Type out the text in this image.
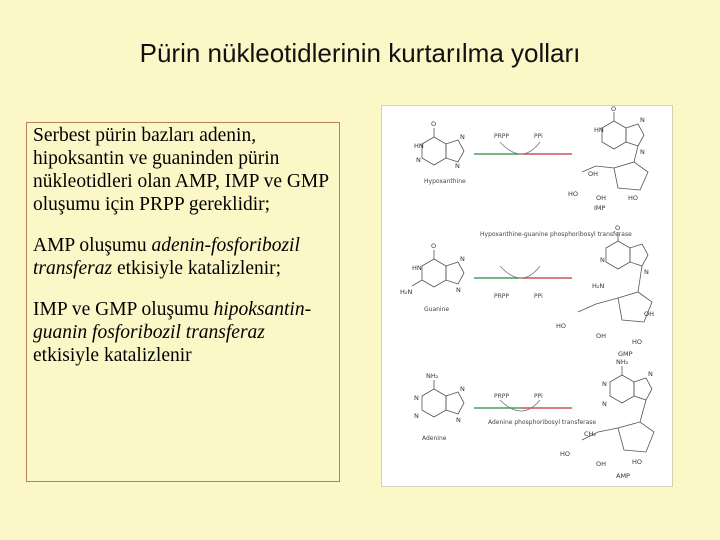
Pürin nükleotidlerinin kurtarılma yolları

Serbest pürin bazları adenin, hipoksantin ve guaninden pürin nükleotidleri olan AMP, IMP ve GMP oluşumu için PRPP gereklidir;

AMP oluşumu adenin-fosforibozil transferaz etkisiyle katalizlenir;

IMP ve GMP oluşumu hipoksantin-guanin fosforibozil transferaz etkisiyle katalizlenir

O
HN
N
N
N
Hypoxanthine
PRPP	PPi
O
HN
N
N
OH
HO	OH	HO
IMP
Hypoxanthine-guanine phosphoribosyl transferase
O
HN
N
H₂N	N
Guanine
PRPP	PPi
O
N
H₂N
N
OH
HO
OH
HO
GMP
NH₂
N
N
N	N
Adenine
PRPP	PPi
Adenine phosphoribosyl transferase
NH₂
N
N
N
CH₂
HO
OH	HO
AMP
